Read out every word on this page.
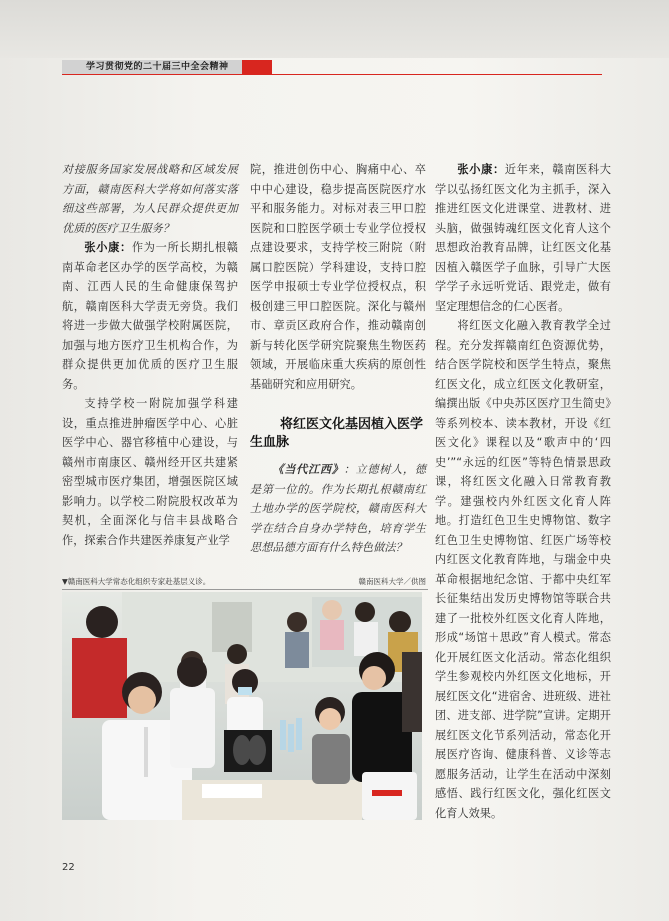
学习贯彻党的二十届三中全会精神

对接服务国家发展战略和区域发展方面，赣南医科大学将如何落实落细这些部署，为人民群众提供更加优质的医疗卫生服务？

张小康：作为一所长期扎根赣南革命老区办学的医学高校，为赣南、江西人民的生命健康保驾护航，赣南医科大学责无旁贷。我们将进一步做大做强学校附属医院，加强与地方医疗卫生机构合作，为群众提供更加优质的医疗卫生服务。

支持学校一附院加强学科建设，重点推进肿瘤医学中心、心脏医学中心、器官移植中心建设，与赣州市南康区、赣州经开区共建紧密型城市医疗集团，增强医院区域影响力。以学校二附院股权改革为契机，全面深化与信丰县战略合作，探索合作共建医养康复产业学

院，推进创伤中心、胸痛中心、卒中中心建设，稳步提高医院医疗水平和服务能力。对标对表三甲口腔医院和口腔医学硕士专业学位授权点建设要求，支持学校三附院（附属口腔医院）学科建设，支持口腔医学申报硕士专业学位授权点，积极创建三甲口腔医院。深化与赣州市、章贡区政府合作，推动赣南创新与转化医学研究院聚焦生物医药领域，开展临床重大疾病的原创性基础研究和应用研究。

将红医文化基因植入医学
生血脉

《当代江西》：立德树人，德是第一位的。作为长期扎根赣南红土地办学的医学院校，赣南医科大学在结合自身办学特色，培育学生思想品德方面有什么特色做法？

张小康：近年来，赣南医科大学以弘扬红医文化为主抓手，深入推进红医文化进课堂、进教材、进头脑，做强铸魂红医文化育人这个思想政治教育品牌，让红医文化基因植入赣医学子血脉，引导广大医学学子永远听党话、跟党走，做有坚定理想信念的仁心医者。

将红医文化融入教育教学全过程。充分发挥赣南红色资源优势，结合医学院校和医学生特点，聚焦红医文化，成立红医文化教研室，编撰出版《中央苏区医疗卫生简史》等系列校本、读本教材，开设《红医文化》课程以及“歌声中的‘四史’”“永远的红医”等特色情景思政课，将红医文化融入日常教育教学。建强校内外红医文化育人阵地。打造红色卫生史博物馆、数字红色卫生史博物馆、红医广场等校内红医文化教育阵地，与瑞金中央革命根据地纪念馆、于都中央红军长征集结出发历史博物馆等联合共建了一批校外红医文化育人阵地，形成“场馆＋思政”育人模式。常态化开展红医文化活动。常态化组织学生参观校内外红医文化地标，开展红医文化“进宿舍、进班级、进社团、进支部、进学院”宣讲。定期开展红医文化节系列活动，常态化开展医疗咨询、健康科普、义诊等志愿服务活动，让学生在活动中深刻感悟、践行红医文化，强化红医文化育人效果。

▼赣南医科大学常态化组织专家赴基层义诊。	赣南医科大学／供图
22
